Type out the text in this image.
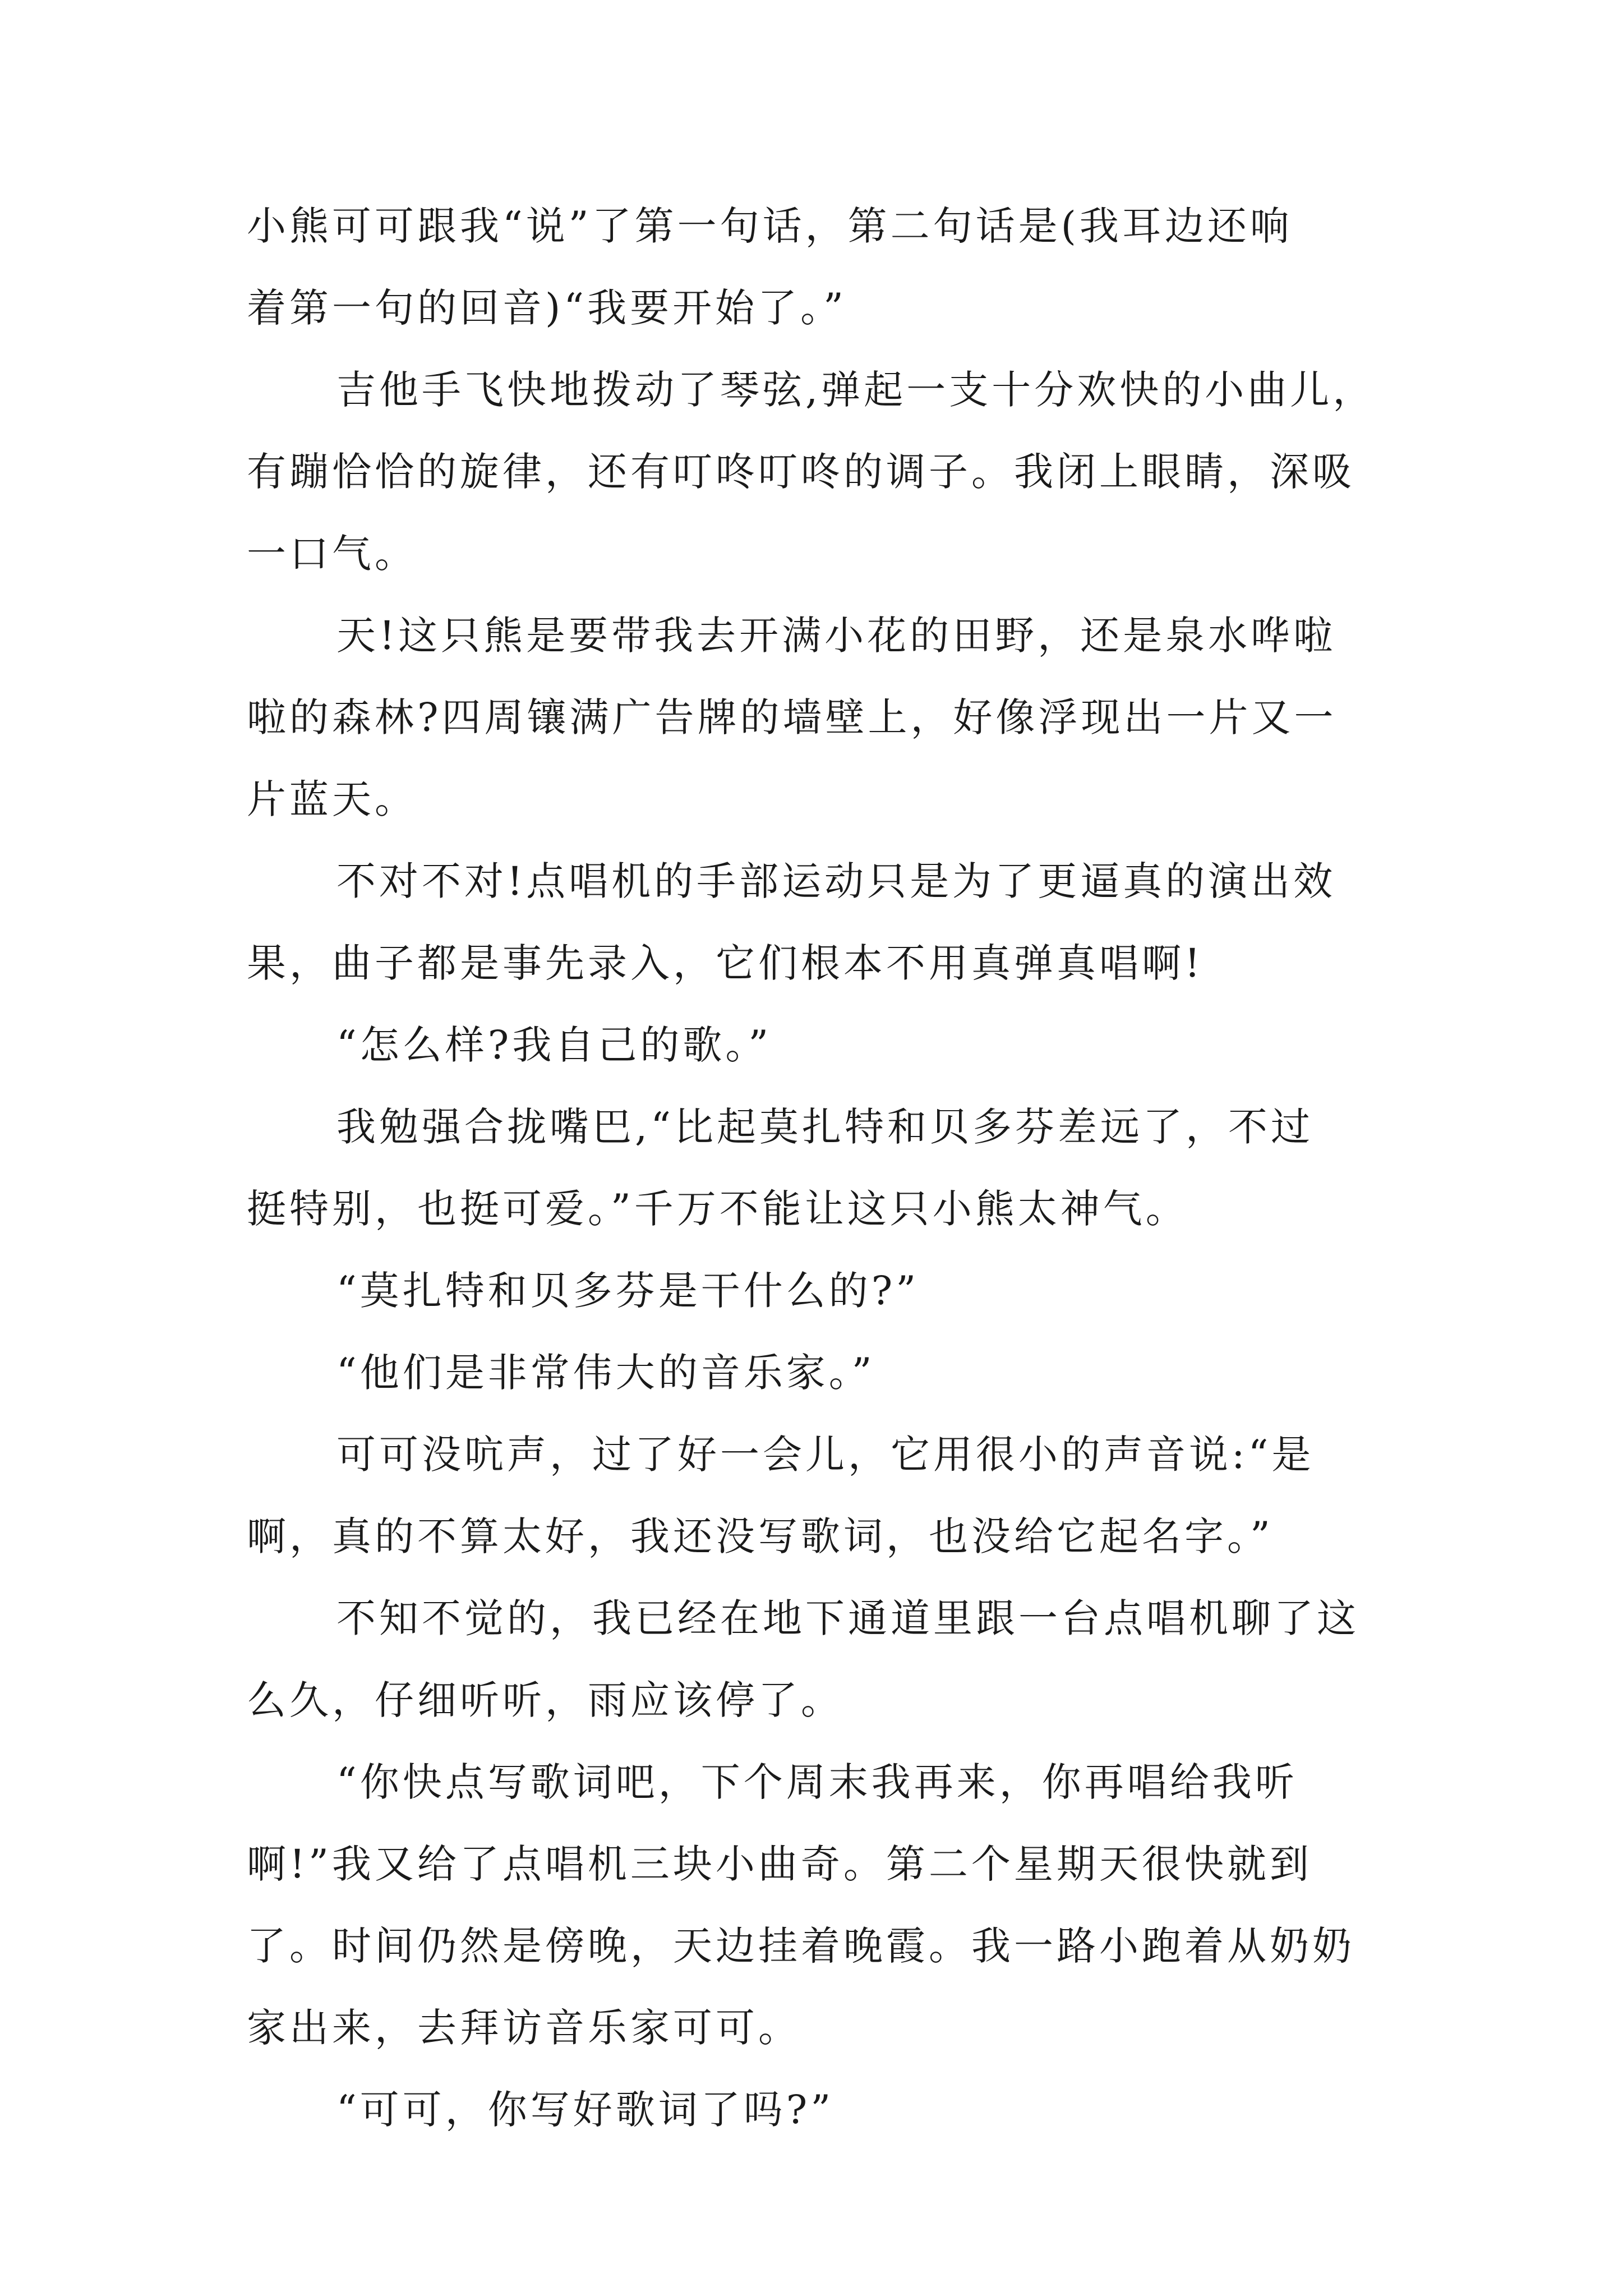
小熊可可跟我“说”了第一句话，第二句话是(我耳边还响
着第一句的回音)“我要开始了。”
吉他手飞快地拨动了琴弦,弹起一支十分欢快的小曲儿，
有蹦恰恰的旋律，还有叮咚叮咚的调子。我闭上眼睛，深吸
一口气。
天!这只熊是要带我去开满小花的田野，还是泉水哗啦
啦的森林?四周镶满广告牌的墙壁上，好像浮现出一片又一
片蓝天。
不对不对!点唱机的手部运动只是为了更逼真的演出效
果，曲子都是事先录入，它们根本不用真弹真唱啊!
“怎么样?我自己的歌。”
我勉强合拢嘴巴,“比起莫扎特和贝多芬差远了，不过
挺特别，也挺可爱。”千万不能让这只小熊太神气。
“莫扎特和贝多芬是干什么的?”
“他们是非常伟大的音乐家。”
可可没吭声，过了好一会儿，它用很小的声音说:“是
啊，真的不算太好，我还没写歌词，也没给它起名字。”
不知不觉的，我已经在地下通道里跟一台点唱机聊了这
么久，仔细听听，雨应该停了。
“你快点写歌词吧，下个周末我再来，你再唱给我听
啊!”我又给了点唱机三块小曲奇。第二个星期天很快就到
了。时间仍然是傍晚，天边挂着晚霞。我一路小跑着从奶奶
家出来，去拜访音乐家可可。
“可可，你写好歌词了吗?”
